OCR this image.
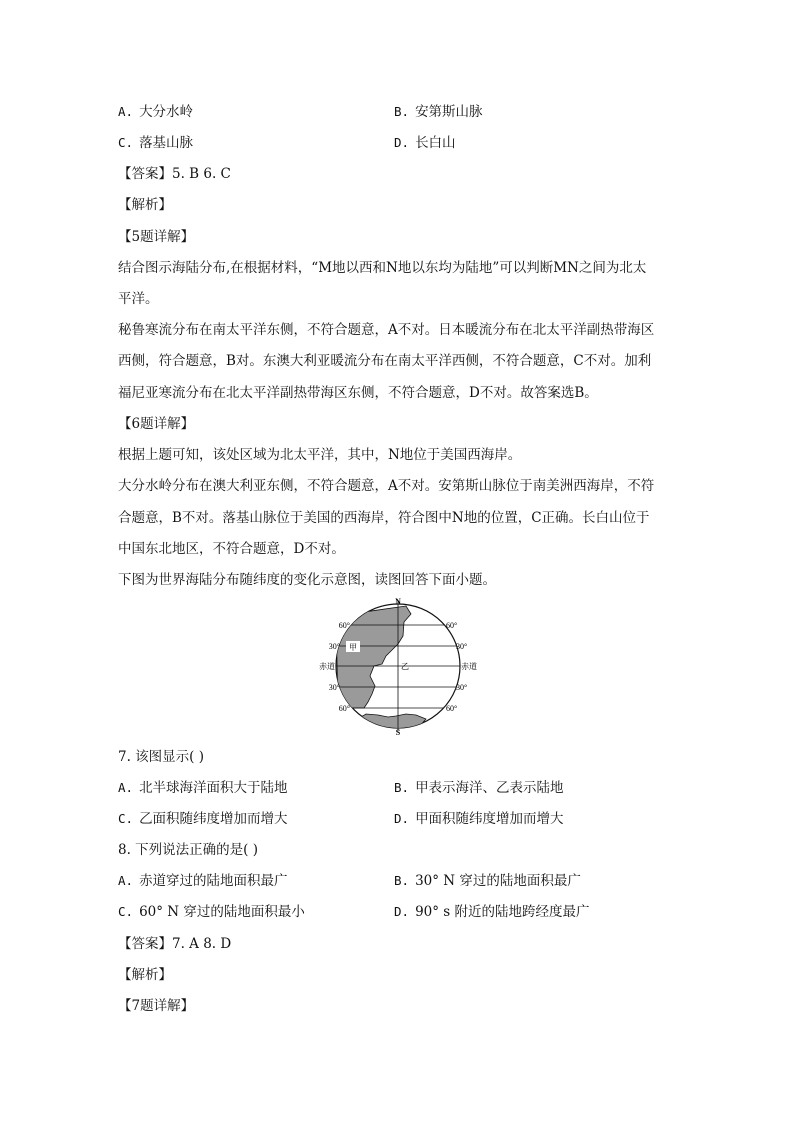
A. 大分水岭	B. 安第斯山脉
C. 落基山脉	D. 长白山
【答案】5. B 6. C
【解析】
【5题详解】
结合图示海陆分布,在根据材料，“M地以西和N地以东均为陆地”可以判断MN之间为北太
平洋。
秘鲁寒流分布在南太平洋东侧，不符合题意，A不对。日本暖流分布在北太平洋副热带海区
西侧，符合题意，B对。东澳大利亚暖流分布在南太平洋西侧，不符合题意，C不对。加利
福尼亚寒流分布在北太平洋副热带海区东侧，不符合题意，D不对。故答案选B。
【6题详解】
根据上题可知，该处区域为北太平洋，其中，N地位于美国西海岸。
大分水岭分布在澳大利亚东侧，不符合题意，A不对。安第斯山脉位于南美洲西海岸，不符
合题意，B不对。落基山脉位于美国的西海岸，符合图中N地的位置，C正确。长白山位于
中国东北地区，不符合题意，D不对。
下图为世界海陆分布随纬度的变化示意图，读图回答下面小题。
N
S
60°
30°
赤道
30°
60°
60°
30°
赤道
30°
60°
甲
乙
7. 该图显示( )
A. 北半球海洋面积大于陆地	B. 甲表示海洋、乙表示陆地
C. 乙面积随纬度增加而增大	D. 甲面积随纬度增加而增大
8. 下列说法正确的是( )
A. 赤道穿过的陆地面积最广	B. 30° N 穿过的陆地面积最广
C. 60° N 穿过的陆地面积最小	D. 90° s 附近的陆地跨经度最广
【答案】7. A 8. D
【解析】
【7题详解】
